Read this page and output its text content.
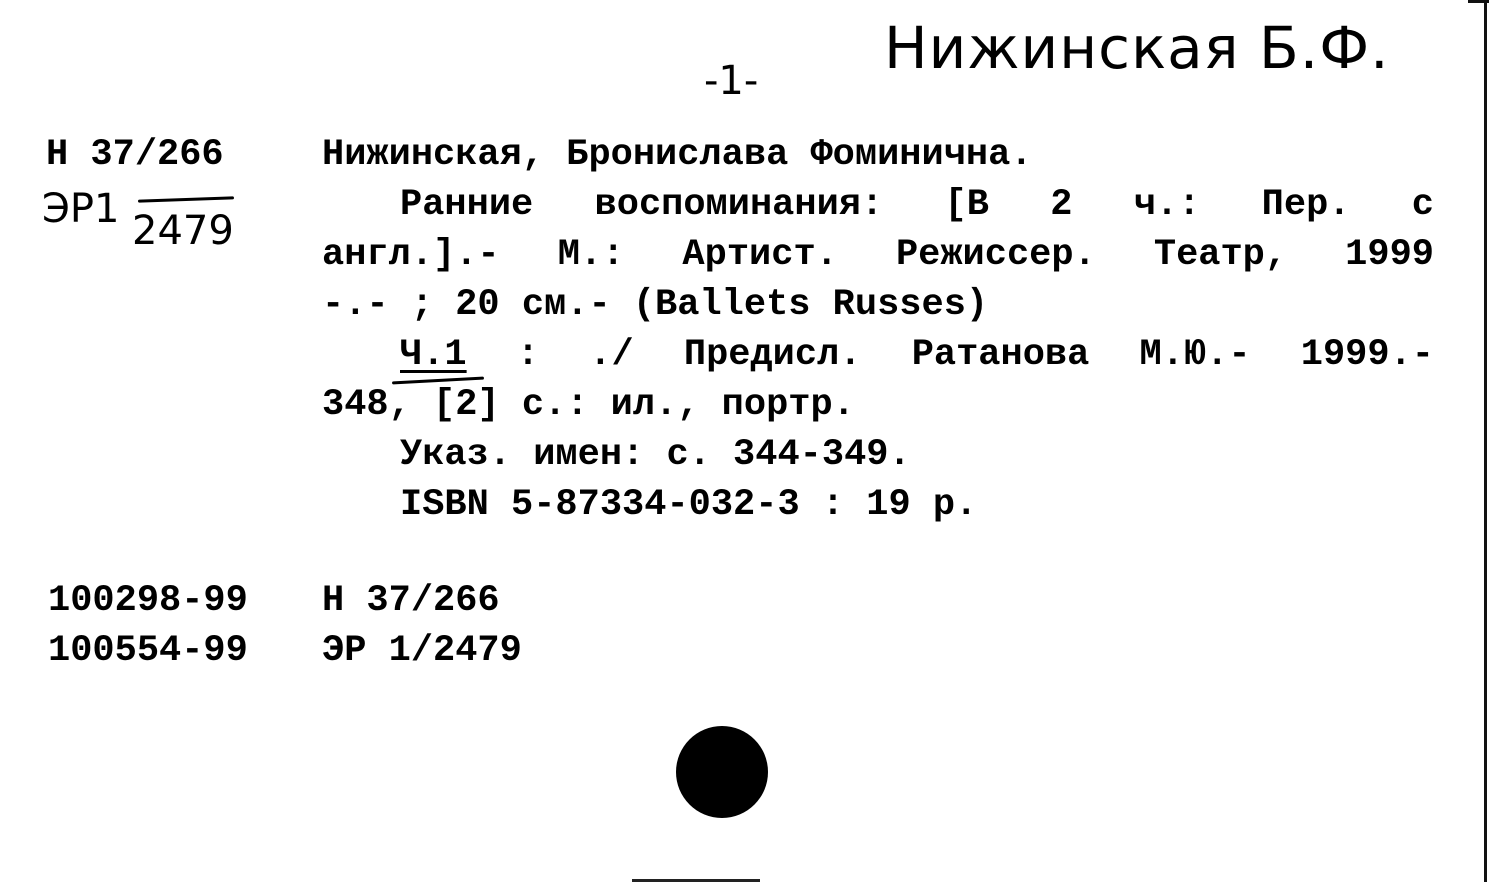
-1- Нижинская Б.Ф.
Н 37/266
ЭР1 2479

Нижинская, Бронислава Фоминична.

Ранние воспоминания: [В 2 ч.: Пер. с

англ.].- М.: Артист. Режиссер. Театр, 1999

-.- ; 20 см.- (Ballets Russes)

Ч.1 : ./ Предисл. Ратанова М.Ю.- 1999.-

348, [2] с.: ил., портр.

Указ. имен: с. 344-349.

ISBN 5-87334-032-3 : 19 р.

100298-99 Н 37/266
100554-99 ЭР 1/2479
